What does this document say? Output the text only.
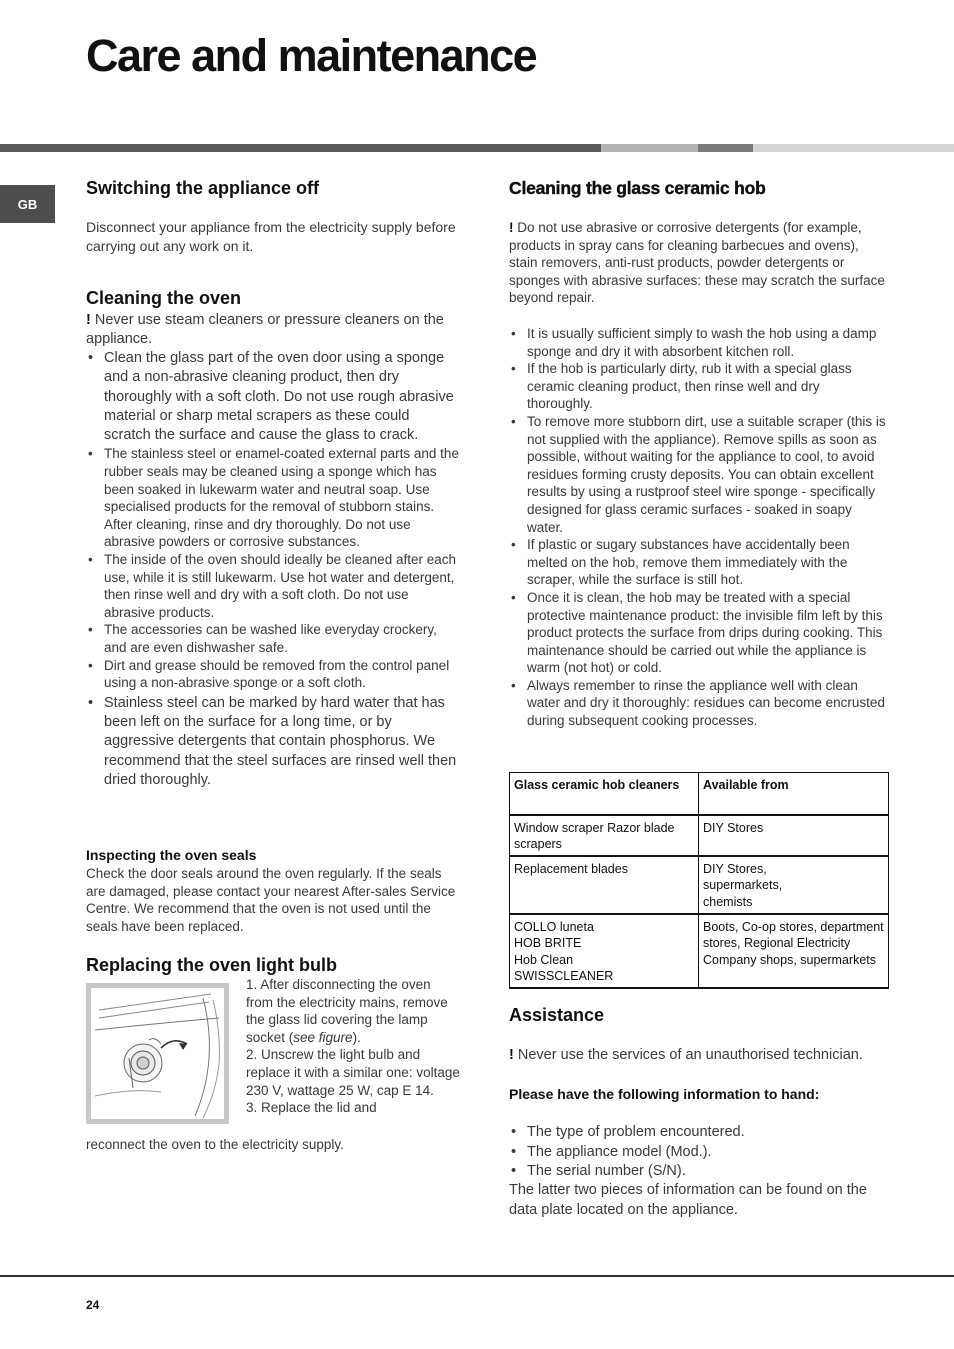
Care and maintenance
GB
Switching the appliance off

Disconnect your appliance from the electricity supply before carrying out any work on it.

Cleaning the oven

! Never use steam cleaners or pressure cleaners on the appliance.

• Clean the glass part of the oven door using a sponge and a non-abrasive cleaning product, then dry thoroughly with a soft cloth. Do not use rough abrasive material or sharp metal scrapers as these could scratch the surface and cause the glass to crack.
• The stainless steel or enamel-coated external parts and the rubber seals may be cleaned using a sponge which has been soaked in lukewarm water and neutral soap. Use specialised products for the removal of stubborn stains. After cleaning, rinse and dry thoroughly. Do not use abrasive powders or corrosive substances.
• The inside of the oven should ideally be cleaned after each use, while it is still lukewarm. Use hot water and detergent, then rinse well and dry with a soft cloth. Do not use abrasive products.
• The accessories can be washed like everyday crockery, and are even dishwasher safe.
• Dirt and grease should be removed from the control panel using a non-abrasive sponge or a soft cloth.
• Stainless steel can be marked by hard water that has been left on the surface for a long time, or by aggressive detergents that contain phosphorus. We recommend that the steel surfaces are rinsed well then dried thoroughly.
Inspecting the oven seals

Check the door seals around the oven regularly. If the seals are damaged, please contact your nearest After-sales Service Centre. We recommend that the oven is not used until the seals have been replaced.

Replacing the oven light bulb

1. After disconnecting the oven from the electricity mains, remove the glass lid covering the lamp socket (see figure).
2. Unscrew the light bulb and replace it with a similar one: voltage 230 V, wattage 25 W, cap E 14.
3. Replace the lid and

reconnect the oven to the electricity supply.

Cleaning the glass ceramic hob

! Do not use abrasive or corrosive detergents (for example, products in spray cans for cleaning barbecues and ovens), stain removers, anti-rust products, powder detergents or sponges with abrasive surfaces: these may scratch the surface beyond repair.

• It is usually sufficient simply to wash the hob using a damp sponge and dry it with absorbent kitchen roll.
• If the hob is particularly dirty, rub it with a special glass ceramic cleaning product, then rinse well and dry thoroughly.
• To remove more stubborn dirt, use a suitable scraper (this is not supplied with the appliance). Remove spills as soon as possible, without waiting for the appliance to cool, to avoid residues forming crusty deposits. You can obtain excellent results by using a rustproof steel wire sponge - specifically designed for glass ceramic surfaces - soaked in soapy water.
• If plastic or sugary substances have accidentally been melted on the hob, remove them immediately with the scraper, while the surface is still hot.
• Once it is clean, the hob may be treated with a special protective maintenance product: the invisible film left by this product protects the surface from drips during cooking. This maintenance should be carried out while the appliance is warm (not hot) or cold.
• Always remember to rinse the appliance well with clean water and dry it thoroughly: residues can become encrusted during subsequent cooking processes.
Assistance

! Never use the services of an unauthorised technician.

Please have the following information to hand:

• The type of problem encountered.
• The appliance model (Mod.).
• The serial number (S/N).

The latter two pieces of information can be found on the data plate located on the appliance.

Glass ceramic hob cleaners	Available from
Window scraper Razor blade scrapers	DIY Stores
Replacement blades	DIY Stores,
supermarkets,
chemists
COLLO luneta
HOB BRITE
Hob Clean
SWISSCLEANER	Boots, Co-op stores, department stores, Regional Electricity Company shops, supermarkets
24
